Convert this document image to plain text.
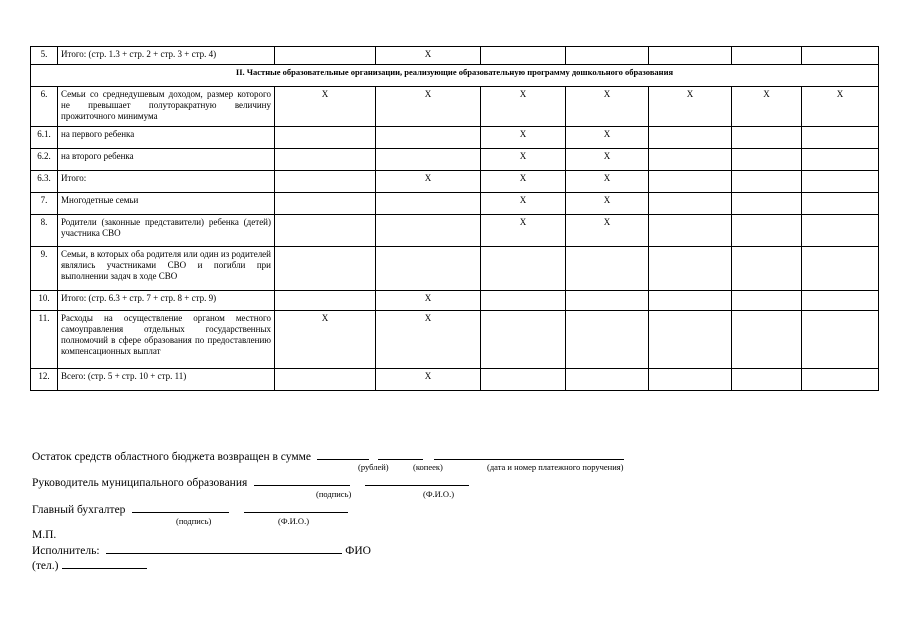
5.	Итого: (стр. 1.3 + стр. 2 + стр. 3 + стр. 4)		X					
II. Частные образовательные организации, реализующие образовательную программу дошкольного образования								
6.	Семьи со среднедушевым доходом, размер которого не превышает полуторакратную величину прожиточного минимума	X	X	X	X	X	X	X
6.1.	на первого ребенка			X	X			
6.2.	на второго ребенка			X	X			
6.3.	Итого:		X	X	X			
7.	Многодетные семьи			X	X			
8.	Родители (законные представители) ребенка (детей) участника СВО			X	X			
9.	Семьи, в которых оба родителя или один из родителей являлись участниками СВО и погибли при выполнении задач в ходе СВО							
10.	Итого: (стр. 6.3 + стр. 7 + стр. 8 + стр. 9)		X					
11.	Расходы на осуществление органом местного самоуправления отдельных государственных полномочий в сфере образования по предоставлению компенсационных выплат	X	X					
12.	Всего: (стр. 5 + стр. 10 + стр. 11)		X					
Остаток средств областного бюджета возвращен в сумме
(рублей)	(копеек)	(дата и номер платежного поручения)
Руководитель муниципального образования
(подпись)	(Ф.И.О.)
Главный бухгалтер
(подпись)	(Ф.И.О.)
М.П.
Исполнитель:	ФИО
(тел.)
